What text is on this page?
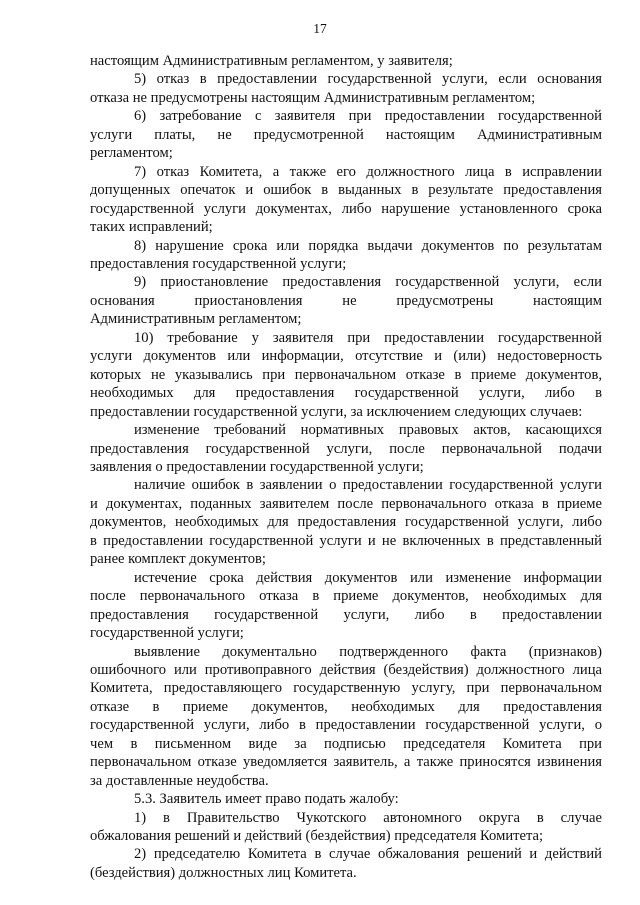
17
настоящим Административным регламентом, у заявителя;
5) отказ в предоставлении государственной услуги, если основания
отказа не предусмотрены настоящим Административным регламентом;
6) затребование с заявителя при предоставлении государственной
услуги платы, не предусмотренной настоящим Административным
регламентом;
7) отказ Комитета, а также его должностного лица в исправлении
допущенных опечаток и ошибок в выданных в результате предоставления
государственной услуги документах, либо нарушение установленного срока
таких исправлений;
8) нарушение срока или порядка выдачи документов по результатам
предоставления государственной услуги;
9) приостановление предоставления государственной услуги, если
основания приостановления не предусмотрены настоящим
Административным регламентом;
10) требование у заявителя при предоставлении государственной
услуги документов или информации, отсутствие и (или) недостоверность
которых не указывались при первоначальном отказе в приеме документов,
необходимых для предоставления государственной услуги, либо в
предоставлении государственной услуги, за исключением следующих случаев:
изменение требований нормативных правовых актов, касающихся
предоставления государственной услуги, после первоначальной подачи
заявления о предоставлении государственной услуги;
наличие ошибок в заявлении о предоставлении государственной услуги
и документах, поданных заявителем после первоначального отказа в приеме
документов, необходимых для предоставления государственной услуги, либо
в предоставлении государственной услуги и не включенных в представленный
ранее комплект документов;
истечение срока действия документов или изменение информации
после первоначального отказа в приеме документов, необходимых для
предоставления государственной услуги, либо в предоставлении
государственной услуги;
выявление документально подтвержденного факта (признаков)
ошибочного или противоправного действия (бездействия) должностного лица
Комитета, предоставляющего государственную услугу, при первоначальном
отказе в приеме документов, необходимых для предоставления
государственной услуги, либо в предоставлении государственной услуги, о
чем в письменном виде за подписью председателя Комитета при
первоначальном отказе уведомляется заявитель, а также приносятся извинения
за доставленные неудобства.
5.3. Заявитель имеет право подать жалобу:
1) в Правительство Чукотского автономного округа в случае
обжалования решений и действий (бездействия) председателя Комитета;
2) председателю Комитета в случае обжалования решений и действий
(бездействия) должностных лиц Комитета.
